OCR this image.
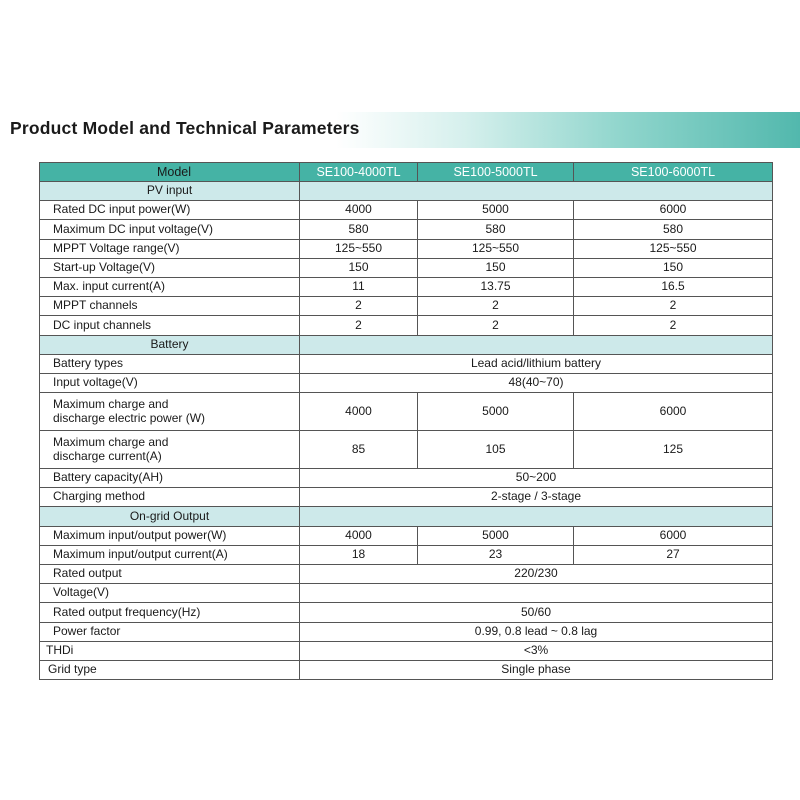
Product Model and Technical Parameters
Model	SE100-4000TL	SE100-5000TL	SE100-6000TL
PV input			
Rated DC input power(W)	4000	5000	6000
Maximum DC input voltage(V)	580	580	580
MPPT Voltage range(V)	125~550	125~550	125~550
Start-up Voltage(V)	150	150	150
Max. input current(A)	11	13.75	16.5
MPPT channels	2	2	2
DC input channels	2	2	2
Battery			
Battery types	Lead acid/lithium battery		
Input voltage(V)	48(40~70)		
Maximum charge and
discharge electric power (W)	4000	5000	6000
Maximum charge and
discharge current(A)	85	105	125
Battery capacity(AH)	50~200		
Charging method	2-stage / 3-stage		
On-grid Output			
Maximum input/output power(W)	4000	5000	6000
Maximum input/output current(A)	18	23	27
Rated output	220/230		
Voltage(V)			
Rated output frequency(Hz)	50/60		
Power factor	0.99, 0.8 lead ~ 0.8 lag		
THDi	<3%		
Grid type	Single phase		
